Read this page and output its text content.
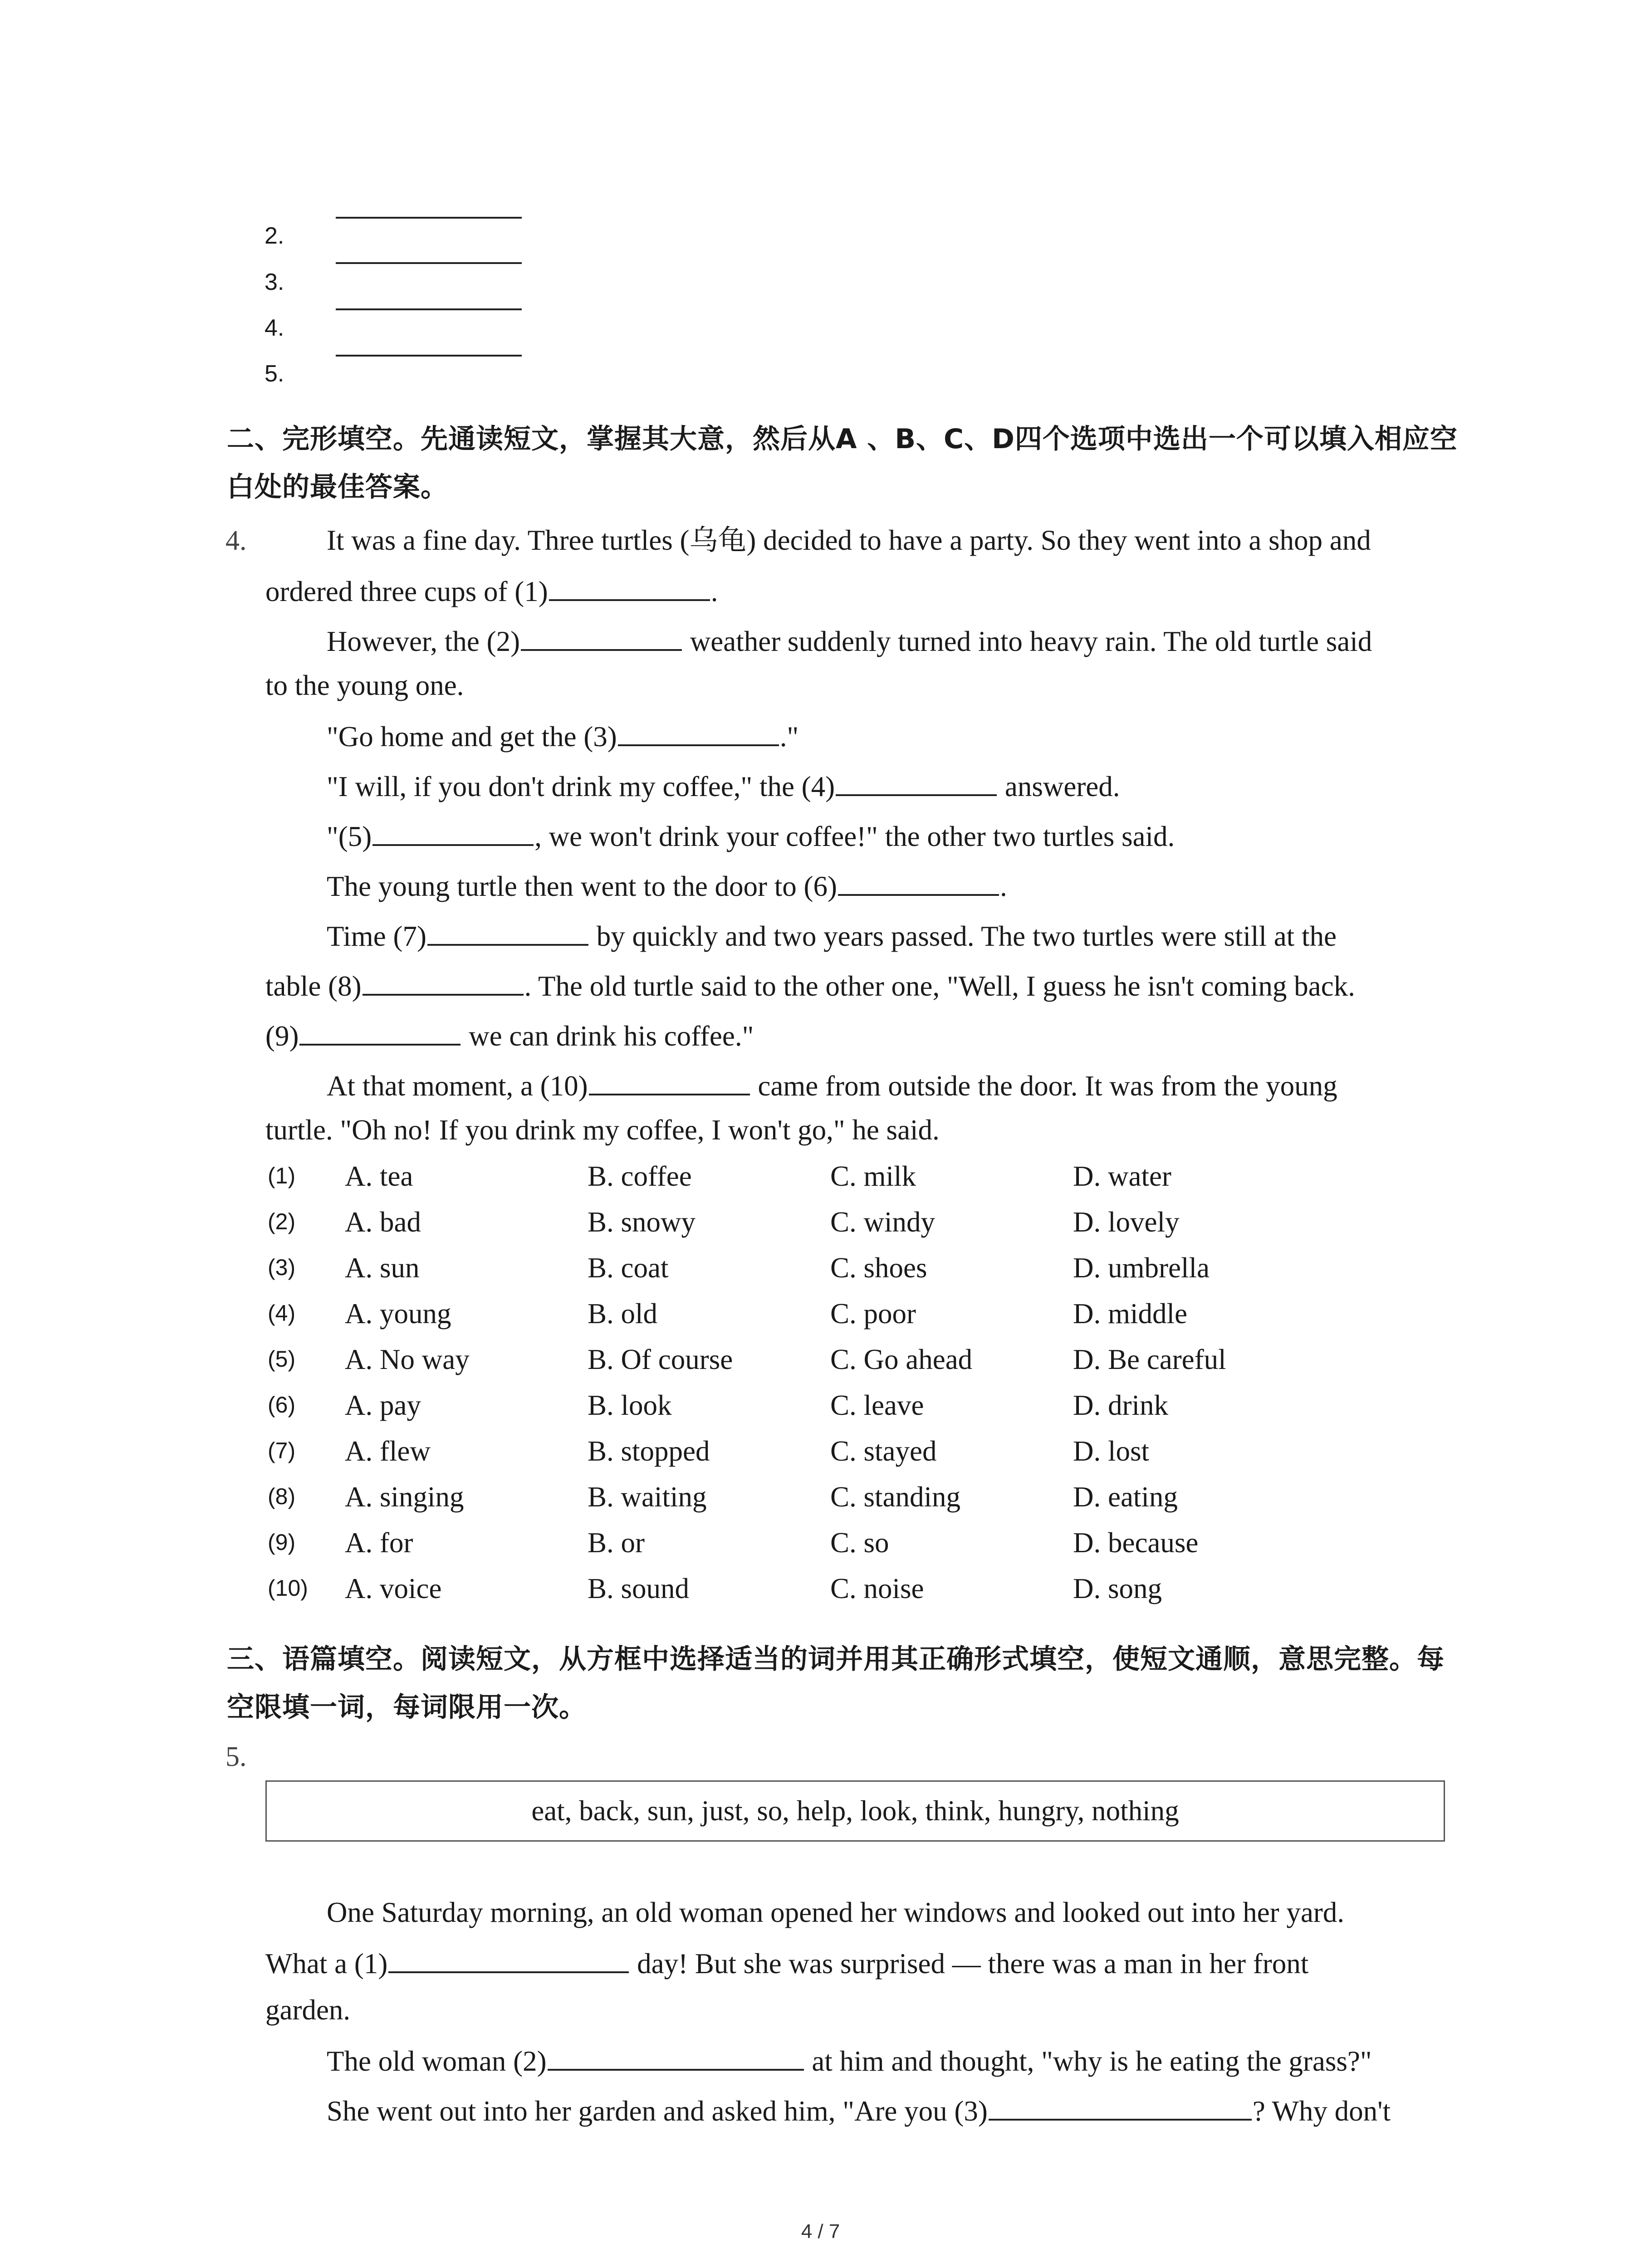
2.
3.
4.
5.
二、完形填空。先通读短文，掌握其大意，然后从A 、B、C、D四个选项中选出一个可以填入相应空白处的最佳答案。
4.	It was a fine day. Three turtles (乌龟) decided to have a party. So they went into a shop and
ordered three cups of (1)	.
However, the (2)	weather suddenly turned into heavy rain. The old turtle said
to the young one.
"Go home and get the (3)	."
"I will, if you don't drink my coffee," the (4)	answered.
"(5)	, we won't drink your coffee!" the other two turtles said.
The young turtle then went to the door to (6)	.
Time (7)	by quickly and two years passed. The two turtles were still at the
table (8)	. The old turtle said to the other one, "Well, I guess he isn't coming back.
(9)	we can drink his coffee."
At that moment, a (10)	came from outside the door. It was from the young
turtle. "Oh no! If you drink my coffee, I won't go," he said.
(1) A. tea	B. coffee	C. milk	D. water
(2) A. bad	B. snowy	C. windy	D. lovely
(3) A. sun	B. coat	C. shoes	D. umbrella
(4) A. young	B. old	C. poor	D. middle
(5) A. No way	B. Of course	C. Go ahead	D. Be careful
(6) A. pay	B. look	C. leave	D. drink
(7) A. flew	B. stopped	C. stayed	D. lost
(8) A. singing	B. waiting	C. standing	D. eating
(9) A. for	B. or	C. so	D. because
(10) A. voice	B. sound	C. noise	D. song
三、语篇填空。阅读短文，从方框中选择适当的词并用其正确形式填空，使短文通顺，意思完整。每空限填一词，每词限用一次。
5.
eat, back, sun, just, so, help, look, think, hungry, nothing
One Saturday morning, an old woman opened her windows and looked out into her yard.
What a (1)	day! But she was surprised — there was a man in her front
garden.
The old woman (2)	at him and thought, "why is he eating the grass?"
She went out into her garden and asked him, "Are you (3)	? Why don't
4 / 7
